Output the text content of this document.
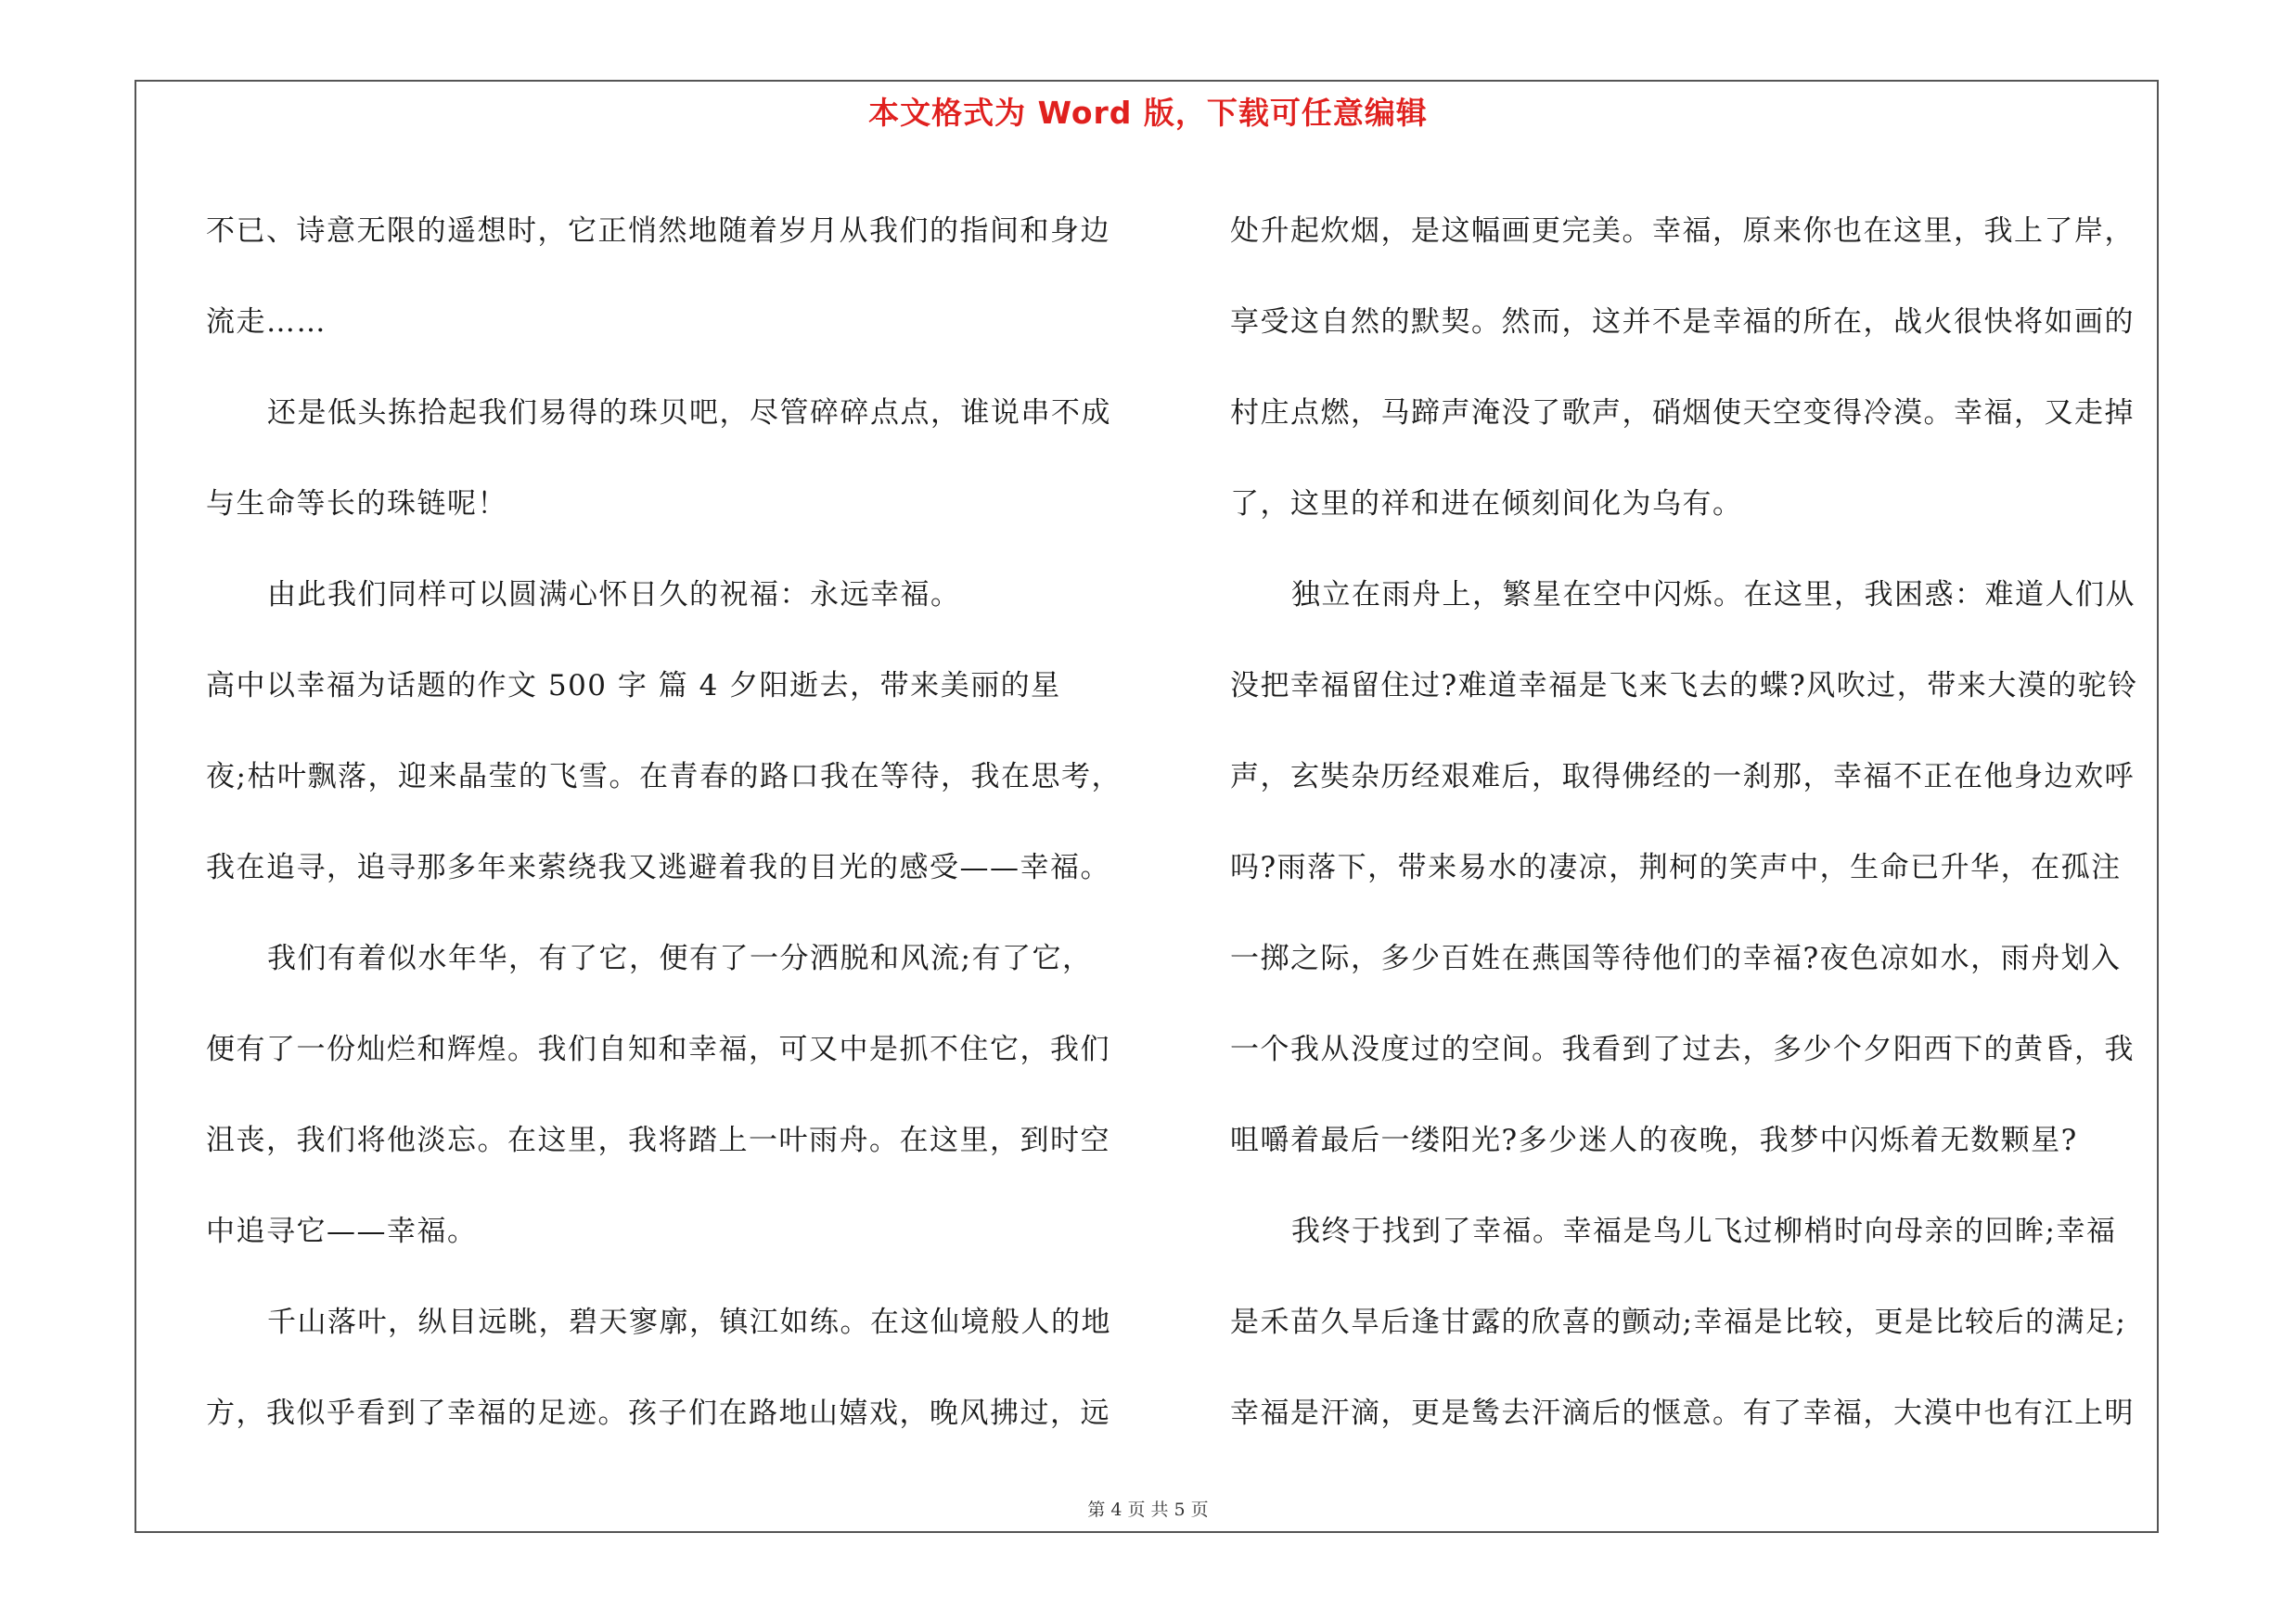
本文格式为 Word 版，下载可任意编辑
不已、诗意无限的遥想时，它正悄然地随着岁月从我们的指间和身边
流走……
还是低头拣拾起我们易得的珠贝吧，尽管碎碎点点，谁说串不成
与生命等长的珠链呢！
由此我们同样可以圆满心怀日久的祝福：永远幸福。
高中以幸福为话题的作文 500 字 篇 4 夕阳逝去，带来美丽的星
夜;枯叶飘落，迎来晶莹的飞雪。在青春的路口我在等待，我在思考，
我在追寻，追寻那多年来萦绕我又逃避着我的目光的感受——幸福。
我们有着似水年华，有了它，便有了一分洒脱和风流;有了它，
便有了一份灿烂和辉煌。我们自知和幸福，可又中是抓不住它，我们
沮丧，我们将他淡忘。在这里，我将踏上一叶雨舟。在这里，到时空
中追寻它——幸福。
千山落叶，纵目远眺，碧天寥廓，镇江如练。在这仙境般人的地
方，我似乎看到了幸福的足迹。孩子们在路地山嬉戏，晚风拂过，远
处升起炊烟，是这幅画更完美。幸福，原来你也在这里，我上了岸，
享受这自然的默契。然而，这并不是幸福的所在，战火很快将如画的
村庄点燃，马蹄声淹没了歌声，硝烟使天空变得冷漠。幸福，又走掉
了，这里的祥和进在倾刻间化为乌有。
独立在雨舟上，繁星在空中闪烁。在这里，我困惑：难道人们从
没把幸福留住过?难道幸福是飞来飞去的蝶?风吹过，带来大漠的驼铃
声，玄奘杂历经艰难后，取得佛经的一刹那，幸福不正在他身边欢呼
吗?雨落下，带来易水的凄凉，荆柯的笑声中，生命已升华，在孤注
一掷之际，多少百姓在燕国等待他们的幸福?夜色凉如水，雨舟划入
一个我从没度过的空间。我看到了过去，多少个夕阳西下的黄昏，我
咀嚼着最后一缕阳光?多少迷人的夜晚，我梦中闪烁着无数颗星?
我终于找到了幸福。幸福是鸟儿飞过柳梢时向母亲的回眸;幸福
是禾苗久旱后逢甘露的欣喜的颤动;幸福是比较，更是比较后的满足;
幸福是汗滴，更是鸶去汗滴后的惬意。有了幸福，大漠中也有江上明
第 4 页 共 5 页
